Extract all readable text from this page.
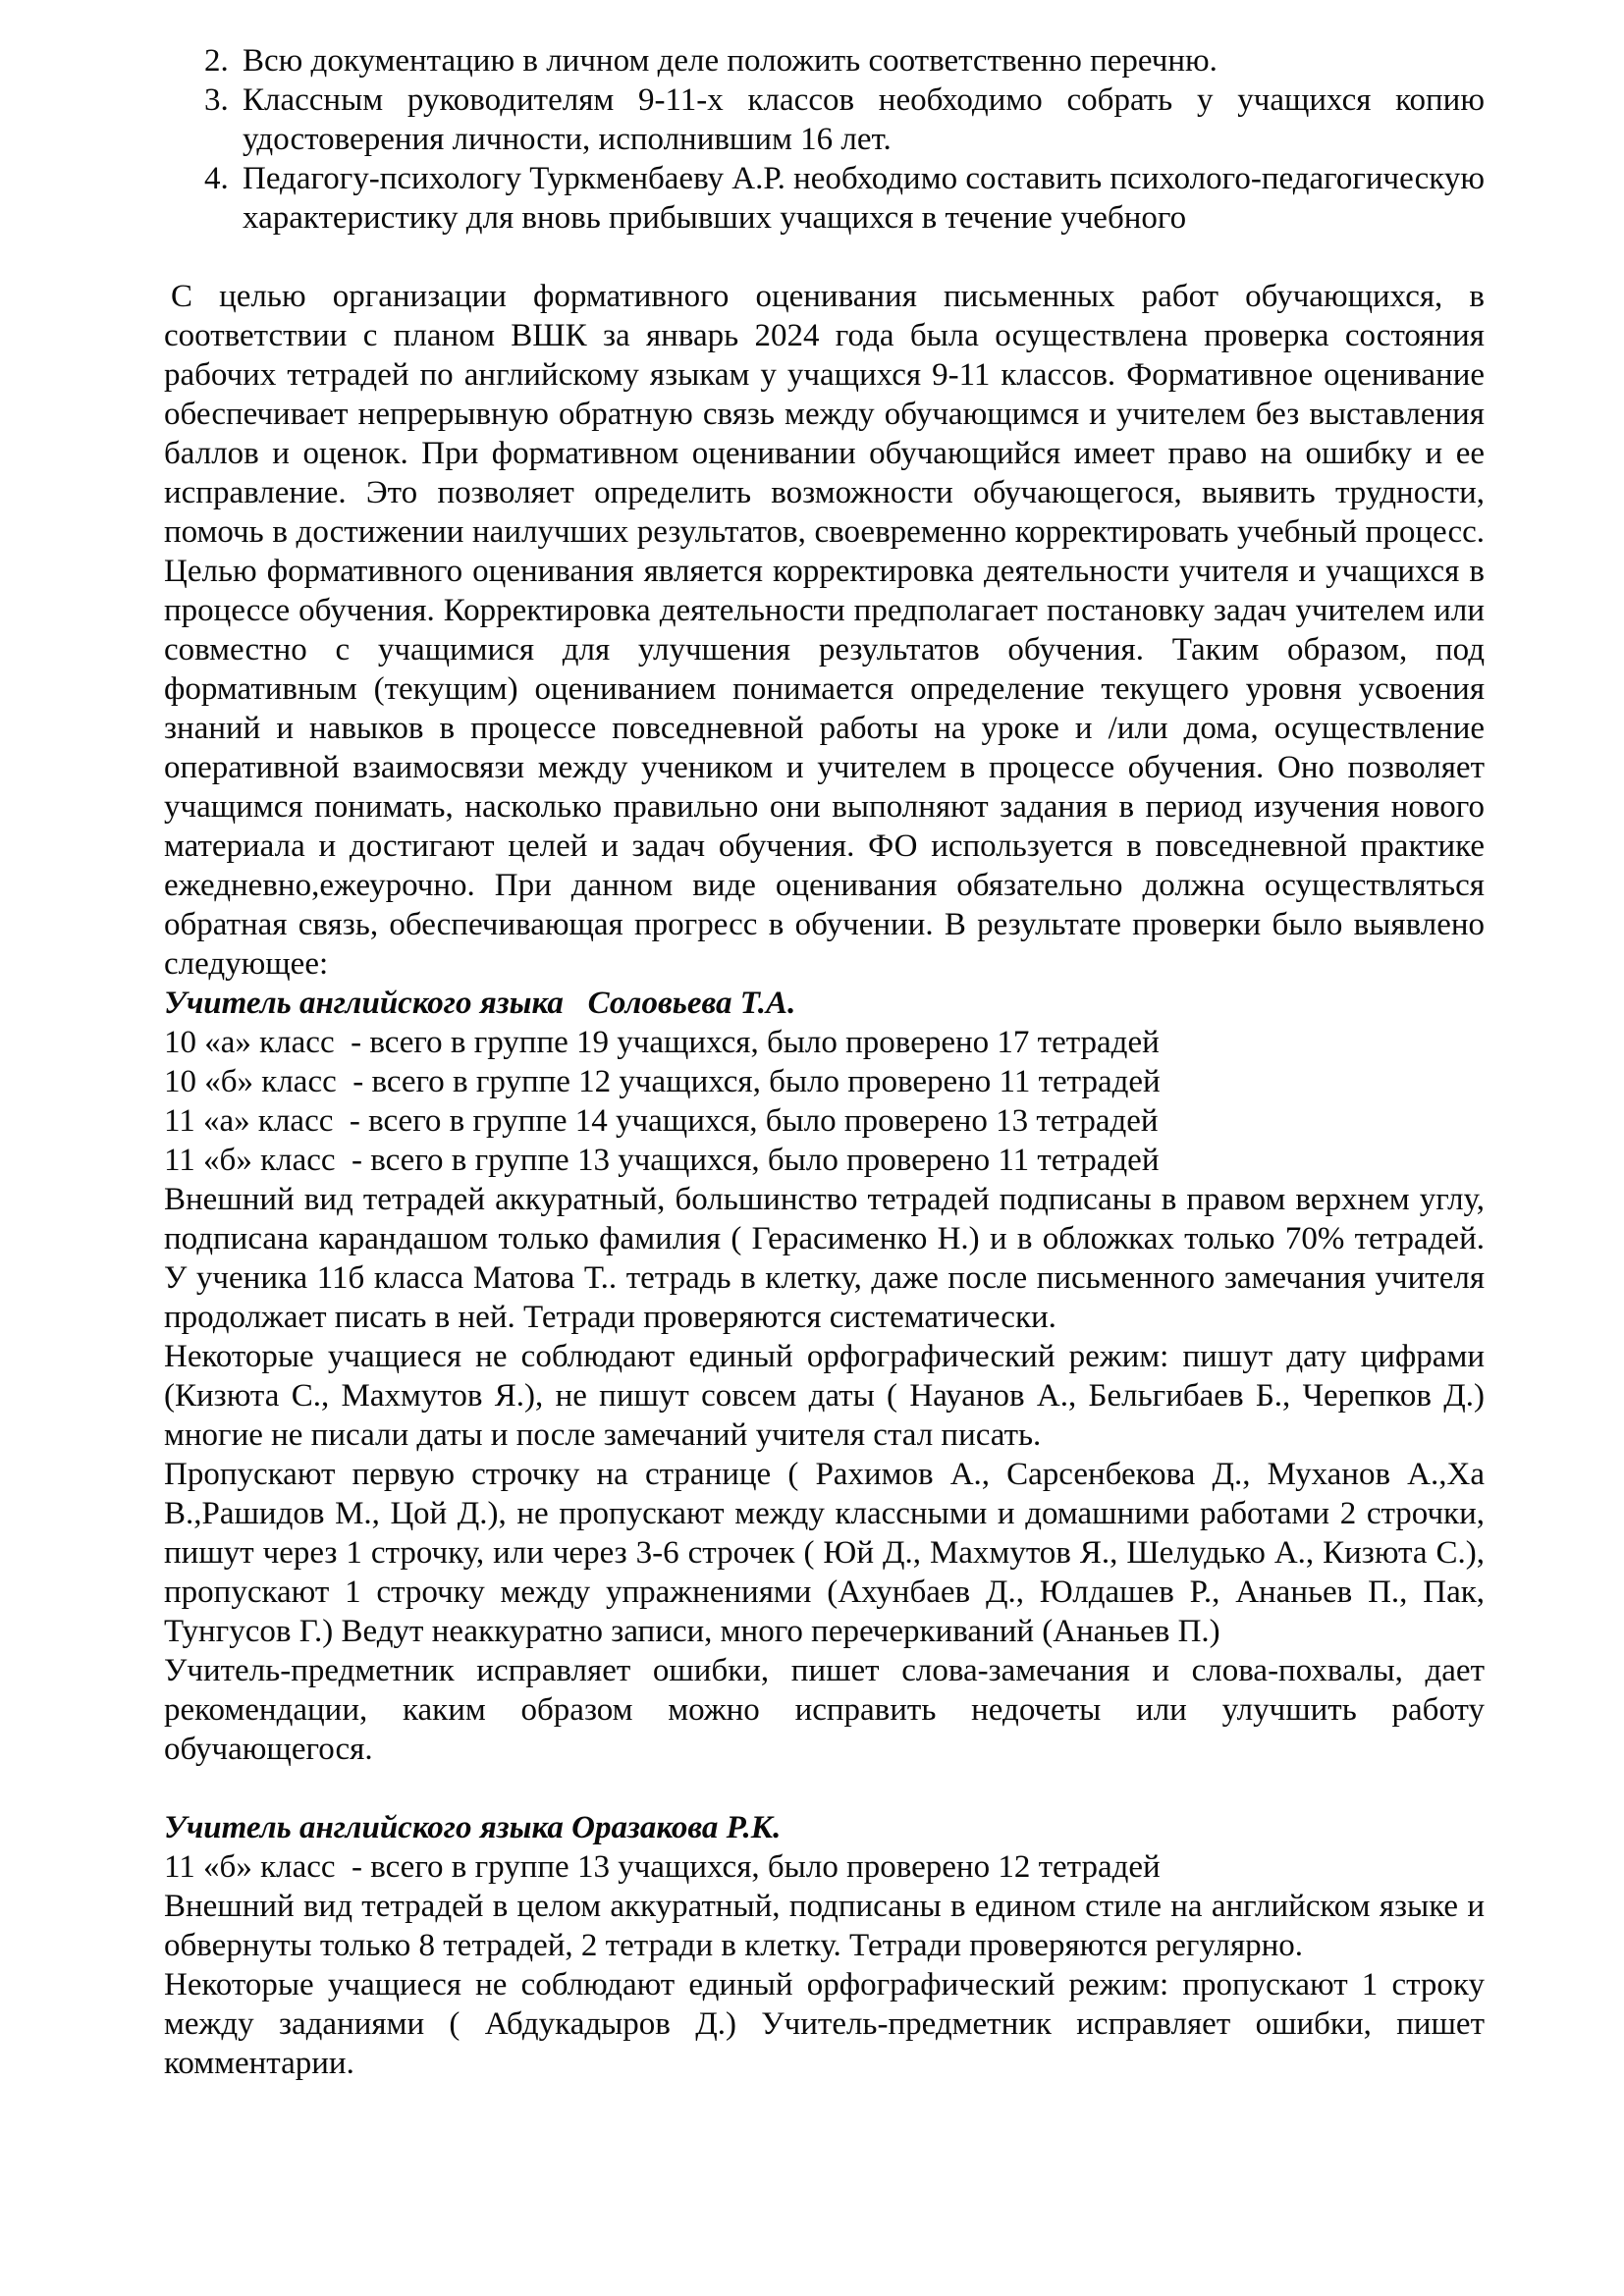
2. Всю документацию в личном деле положить соответственно перечню.
3. Классным руководителям 9-11-х классов необходимо собрать у учащихся копию удостоверения личности, исполнившим 16 лет.
4. Педагогу-психологу Туркменбаеву А.Р. необходимо составить психолого-педагогическую характеристику для вновь прибывших учащихся в течение учебного

С целью организации формативного оценивания письменных работ обучающихся, в соответствии с планом ВШК за январь 2024 года была осуществлена проверка состояния рабочих тетрадей по английскому языкам у учащихся 9-11 классов. Формативное оценивание обеспечивает непрерывную обратную связь между обучающимся и учителем без выставления баллов и оценок. При формативном оценивании обучающийся имеет право на ошибку и ее исправление. Это позволяет определить возможности обучающегося, выявить трудности, помочь в достижении наилучших результатов, своевременно корректировать учебный процесс. Целью формативного оценивания является корректировка деятельности учителя и учащихся в процессе обучения. Корректировка деятельности предполагает постановку задач учителем или совместно с учащимися для улучшения результатов обучения. Таким образом, под формативным (текущим) оцениванием понимается определение текущего уровня усвоения знаний и навыков в процессе повседневной работы на уроке и /или дома, осуществление оперативной взаимосвязи между учеником и учителем в процессе обучения. Оно позволяет учащимся понимать, насколько правильно они выполняют задания в период изучения нового материала и достигают целей и задач обучения. ФО используется в повседневной практике ежедневно,ежеурочно. При данном виде оценивания обязательно должна осуществляться обратная связь, обеспечивающая прогресс в обучении. В результате проверки было выявлено следующее:

Учитель английского языка   Соловьева Т.А.
10 «а» класс  - всего в группе 19 учащихся, было проверено 17 тетрадей
10 «б» класс  - всего в группе 12 учащихся, было проверено 11 тетрадей
11 «а» класс  - всего в группе 14 учащихся, было проверено 13 тетрадей
11 «б» класс  - всего в группе 13 учащихся, было проверено 11 тетрадей

Внешний вид тетрадей аккуратный, большинство тетрадей подписаны в правом верхнем углу, подписана карандашом только фамилия ( Герасименко Н.) и в обложках только 70% тетрадей. У ученика 11б класса Матова Т.. тетрадь в клетку, даже после письменного замечания учителя продолжает писать в ней. Тетради проверяются систематически.

Некоторые учащиеся не соблюдают единый орфографический режим: пишут дату цифрами (Кизюта С., Махмутов Я.), не пишут совсем даты ( Науанов А., Бельгибаев Б., Черепков Д.) многие не писали даты и после замечаний учителя стал писать.

Пропускают первую строчку на странице ( Рахимов А., Сарсенбекова Д., Муханов А.,Ха В.,Рашидов М., Цой Д.), не пропускают между классными и домашними работами 2 строчки, пишут через 1 строчку, или через 3-6 строчек ( Юй Д., Махмутов Я., Шелудько А., Кизюта С.), пропускают 1 строчку между упражнениями (Ахунбаев Д., Юлдашев Р., Ананьев П., Пак, Тунгусов Г.) Ведут неаккуратно записи, много перечеркиваний (Ананьев П.)

Учитель-предметник исправляет ошибки, пишет слова-замечания и слова-похвалы, дает рекомендации, каким образом можно исправить недочеты или улучшить работу обучающегося.

Учитель английского языка Оразакова Р.К.
11 «б» класс  - всего в группе 13 учащихся, было проверено 12 тетрадей

Внешний вид тетрадей в целом аккуратный, подписаны в едином стиле на английском языке и обвернуты только 8 тетрадей, 2 тетради в клетку. Тетради проверяются регулярно.

Некоторые учащиеся не соблюдают единый орфографический режим: пропускают 1 строку между заданиями ( Абдукадыров Д.) Учитель-предметник исправляет ошибки, пишет комментарии.
